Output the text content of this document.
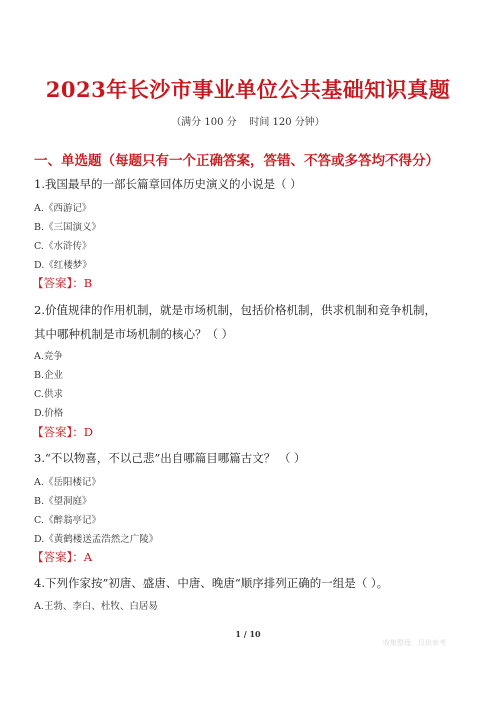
2023年长沙市事业单位公共基础知识真题
（满分 100 分    时间 120 分钟）
一、单选题（每题只有一个正确答案，答错、不答或多答均不得分）
1.我国最早的一部长篇章回体历史演义的小说是（ ）
A.《西游记》
B.《三国演义》
C.《水浒传》
D.《红楼梦》
【答案】：B
2.价值规律的作用机制，就是市场机制，包括价格机制，供求机制和竞争机制，
其中哪种机制是市场机制的核心？（ ）
A.竞争
B.企业
C.供求
D.价格
【答案】：D
3.“不以物喜，不以己悲”出自哪篇目哪篇古文？ （ ）
A.《岳阳楼记》
B.《望洞庭》
C.《醉翁亭记》
D.《黄鹤楼送孟浩然之广陵》
【答案】：A
4.下列作家按”初唐、盛唐、中唐、晚唐“顺序排列正确的一组是（ ）。
A.王勃、李白、杜牧、白居易
1 / 10
收集整理，仅供参考
